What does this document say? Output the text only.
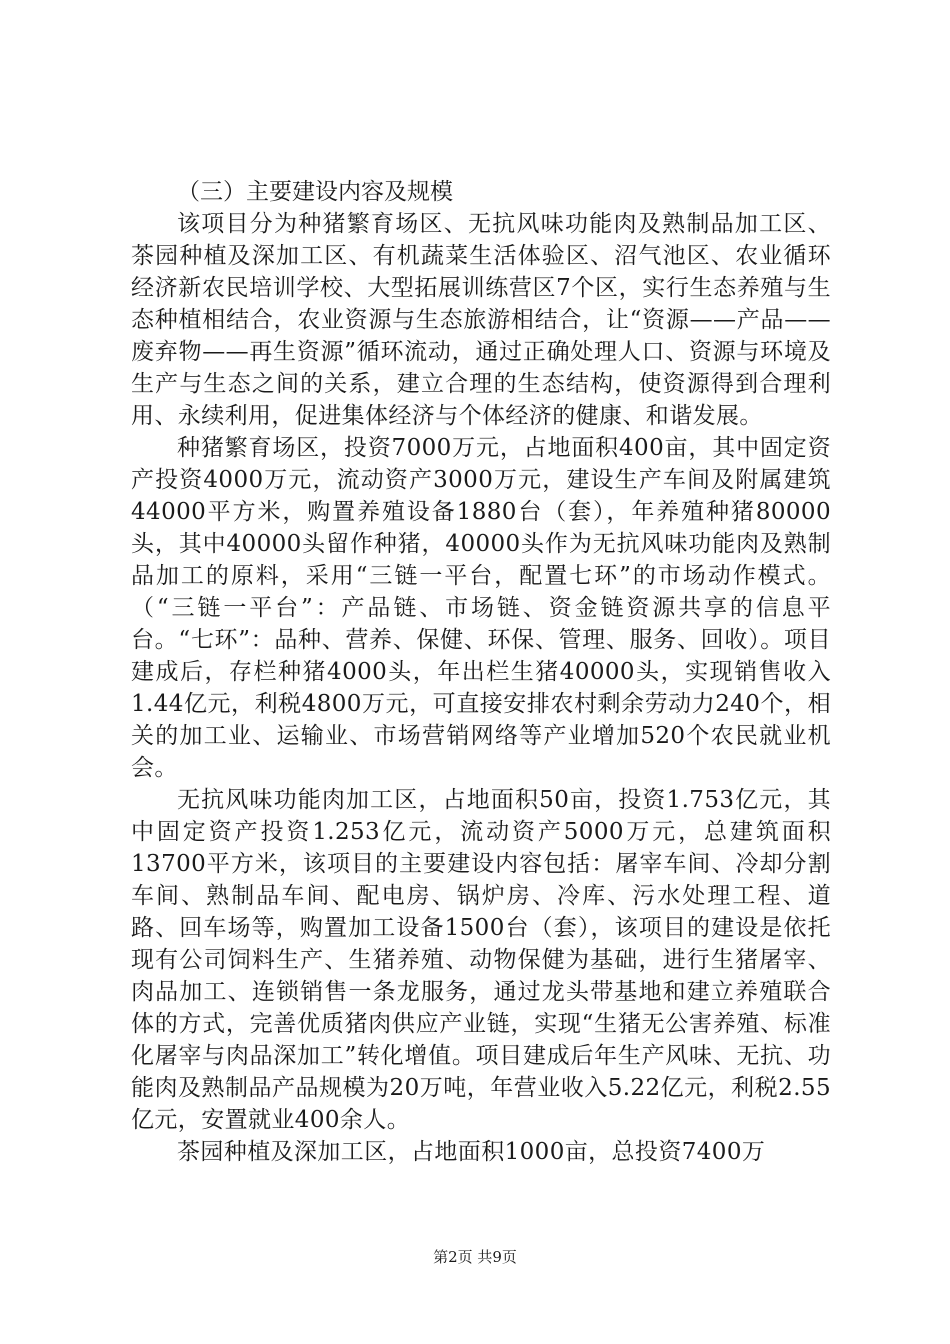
（三）主要建设内容及规模

该项目分为种猪繁育场区、无抗风味功能肉及熟制品加工区、茶园种植及深加工区、有机蔬菜生活体验区、沼气池区、农业循环经济新农民培训学校、大型拓展训练营区7个区，实行生态养殖与生态种植相结合，农业资源与生态旅游相结合，让“资源——产品——废弃物——再生资源”循环流动，通过正确处理人口、资源与环境及生产与生态之间的关系，建立合理的生态结构，使资源得到合理利用、永续利用，促进集体经济与个体经济的健康、和谐发展。

种猪繁育场区，投资7000万元，占地面积400亩，其中固定资产投资4000万元，流动资产3000万元，建设生产车间及附属建筑44000平方米，购置养殖设备1880台（套），年养殖种猪80000头，其中40000头留作种猪，40000头作为无抗风味功能肉及熟制品加工的原料，采用“三链一平台，配置七环”的市场动作模式。（“三链一平台”：产品链、市场链、资金链资源共享的信息平台。“七环”：品种、营养、保健、环保、管理、服务、回收）。项目建成后，存栏种猪4000头，年出栏生猪40000头，实现销售收入1.44亿元，利税4800万元，可直接安排农村剩余劳动力240个，相关的加工业、运输业、市场营销网络等产业增加520个农民就业机会。

无抗风味功能肉加工区，占地面积50亩，投资1.753亿元，其中固定资产投资1.253亿元，流动资产5000万元，总建筑面积13700平方米，该项目的主要建设内容包括：屠宰车间、冷却分割车间、熟制品车间、配电房、锅炉房、冷库、污水处理工程、道路、回车场等，购置加工设备1500台（套），该项目的建设是依托现有公司饲料生产、生猪养殖、动物保健为基础，进行生猪屠宰、肉品加工、连锁销售一条龙服务，通过龙头带基地和建立养殖联合体的方式，完善优质猪肉供应产业链，实现“生猪无公害养殖、标准化屠宰与肉品深加工”转化增值。项目建成后年生产风味、无抗、功能肉及熟制品产品规模为20万吨，年营业收入5.22亿元，利税2.55亿元，安置就业400余人。

茶园种植及深加工区，占地面积1000亩，总投资7400万

第2页 共9页
